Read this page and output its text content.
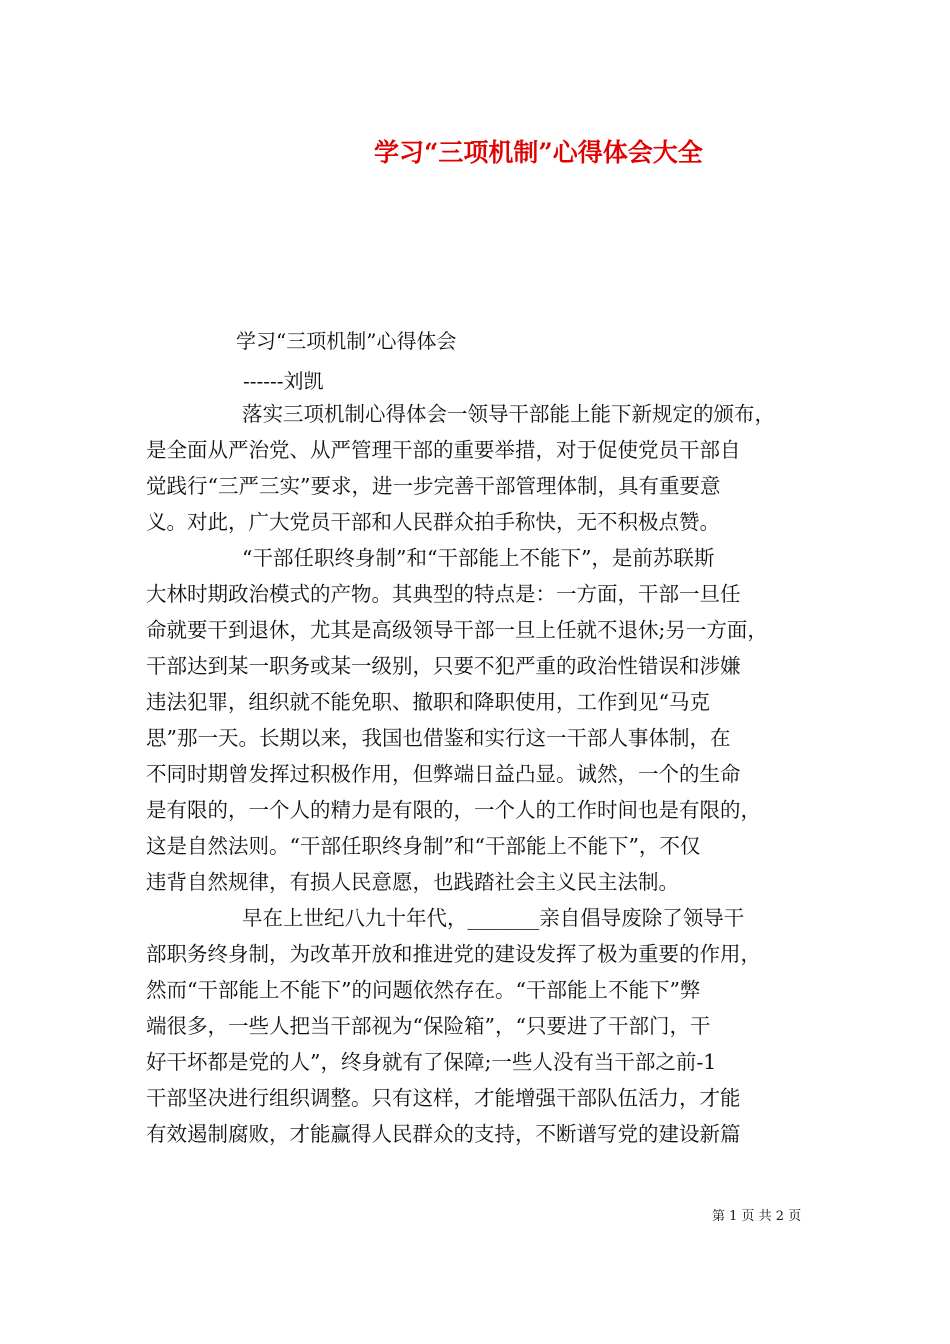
学习“三项机制”心得体会大全
学习“三项机制”心得体会
------刘凯
落实三项机制心得体会一领导干部能上能下新规定的颁布，
是全面从严治党、从严管理干部的重要举措，对于促使党员干部自
觉践行“三严三实”要求，进一步完善干部管理体制，具有重要意
义。对此，广大党员干部和人民群众拍手称快，无不积极点赞。
“干部任职终身制”和“干部能上不能下”，是前苏联斯
大林时期政治模式的产物。其典型的特点是：一方面，干部一旦任
命就要干到退休，尤其是高级领导干部一旦上任就不退休;另一方面，
干部达到某一职务或某一级别，只要不犯严重的政治性错误和涉嫌
违法犯罪，组织就不能免职、撤职和降职使用，工作到见“马克
思”那一天。长期以来，我国也借鉴和实行这一干部人事体制，在
不同时期曾发挥过积极作用，但弊端日益凸显。诚然，一个的生命
是有限的，一个人的精力是有限的，一个人的工作时间也是有限的，
这是自然法则。“干部任职终身制”和“干部能上不能下”，不仅
违背自然规律，有损人民意愿，也践踏社会主义民主法制。
早在上世纪八九十年代，_______亲自倡导废除了领导干
部职务终身制，为改革开放和推进党的建设发挥了极为重要的作用，
然而“干部能上不能下”的问题依然存在。“干部能上不能下”弊
端很多，一些人把当干部视为“保险箱”，“只要进了干部门，干
好干坏都是党的人”，终身就有了保障;一些人没有当干部之前-1
干部坚决进行组织调整。只有这样，才能增强干部队伍活力，才能
有效遏制腐败，才能赢得人民群众的支持，不断谱写党的建设新篇
第 1 页 共 2 页
